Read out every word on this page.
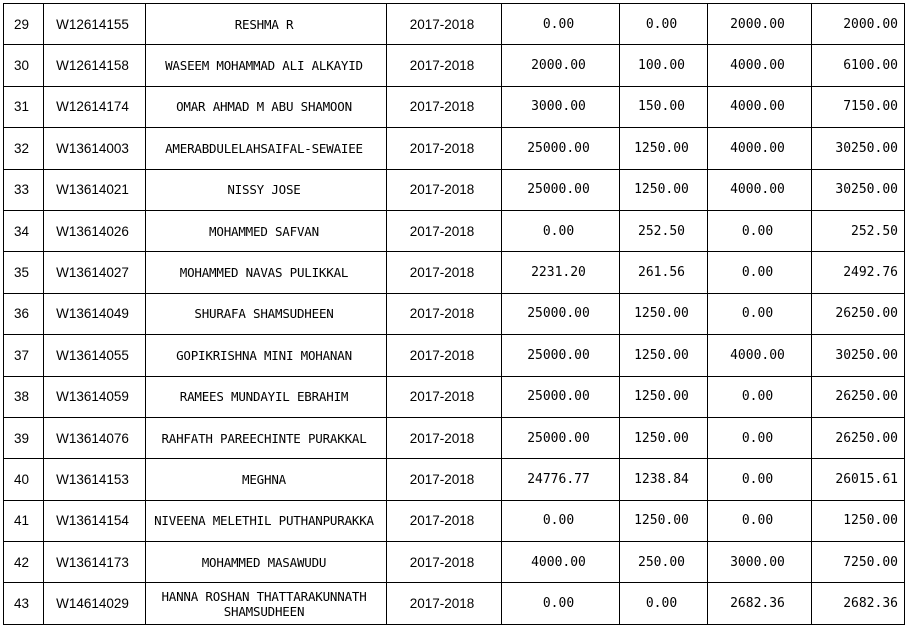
29	W12614155	RESHMA R	2017-2018	0.00	0.00	2000.00	2000.00
30	W12614158	WASEEM MOHAMMAD ALI ALKAYID	2017-2018	2000.00	100.00	4000.00	6100.00
31	W12614174	OMAR AHMAD M ABU SHAMOON	2017-2018	3000.00	150.00	4000.00	7150.00
32	W13614003	AMERABDULELAHSAIFAL-SEWAIEE	2017-2018	25000.00	1250.00	4000.00	30250.00
33	W13614021	NISSY JOSE	2017-2018	25000.00	1250.00	4000.00	30250.00
34	W13614026	MOHAMMED SAFVAN	2017-2018	0.00	252.50	0.00	252.50
35	W13614027	MOHAMMED NAVAS PULIKKAL	2017-2018	2231.20	261.56	0.00	2492.76
36	W13614049	SHURAFA SHAMSUDHEEN	2017-2018	25000.00	1250.00	0.00	26250.00
37	W13614055	GOPIKRISHNA MINI MOHANAN	2017-2018	25000.00	1250.00	4000.00	30250.00
38	W13614059	RAMEES MUNDAYIL EBRAHIM	2017-2018	25000.00	1250.00	0.00	26250.00
39	W13614076	RAHFATH PAREECHINTE PURAKKAL	2017-2018	25000.00	1250.00	0.00	26250.00
40	W13614153	MEGHNA	2017-2018	24776.77	1238.84	0.00	26015.61
41	W13614154	NIVEENA MELETHIL PUTHANPURAKKA	2017-2018	0.00	1250.00	0.00	1250.00
42	W13614173	MOHAMMED MASAWUDU	2017-2018	4000.00	250.00	3000.00	7250.00
43	W14614029	HANNA ROSHAN THATTARAKUNNATH SHAMSUDHEEN	2017-2018	0.00	0.00	2682.36	2682.36
